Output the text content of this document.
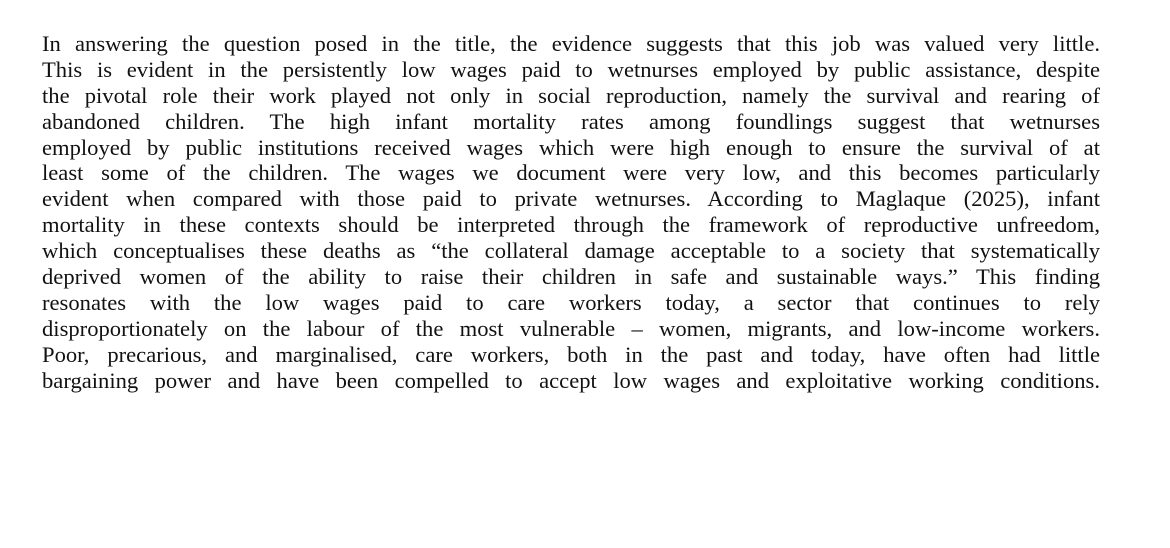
In answering the question posed in the title, the evidence suggests that this job was valued very little.
This is evident in the persistently low wages paid to wetnurses employed by public assistance, despite
the pivotal role their work played not only in social reproduction, namely the survival and rearing of
abandoned children. The high infant mortality rates among foundlings suggest that wetnurses
employed by public institutions received wages which were high enough to ensure the survival of at
least some of the children. The wages we document were very low, and this becomes particularly
evident when compared with those paid to private wetnurses. According to Maglaque (2025), infant
mortality in these contexts should be interpreted through the framework of reproductive unfreedom,
which conceptualises these deaths as “the collateral damage acceptable to a society that systematically
deprived women of the ability to raise their children in safe and sustainable ways.” This finding
resonates with the low wages paid to care workers today, a sector that continues to rely
disproportionately on the labour of the most vulnerable – women, migrants, and low-income workers.
Poor, precarious, and marginalised, care workers, both in the past and today, have often had little
bargaining power and have been compelled to accept low wages and exploitative working conditions.
